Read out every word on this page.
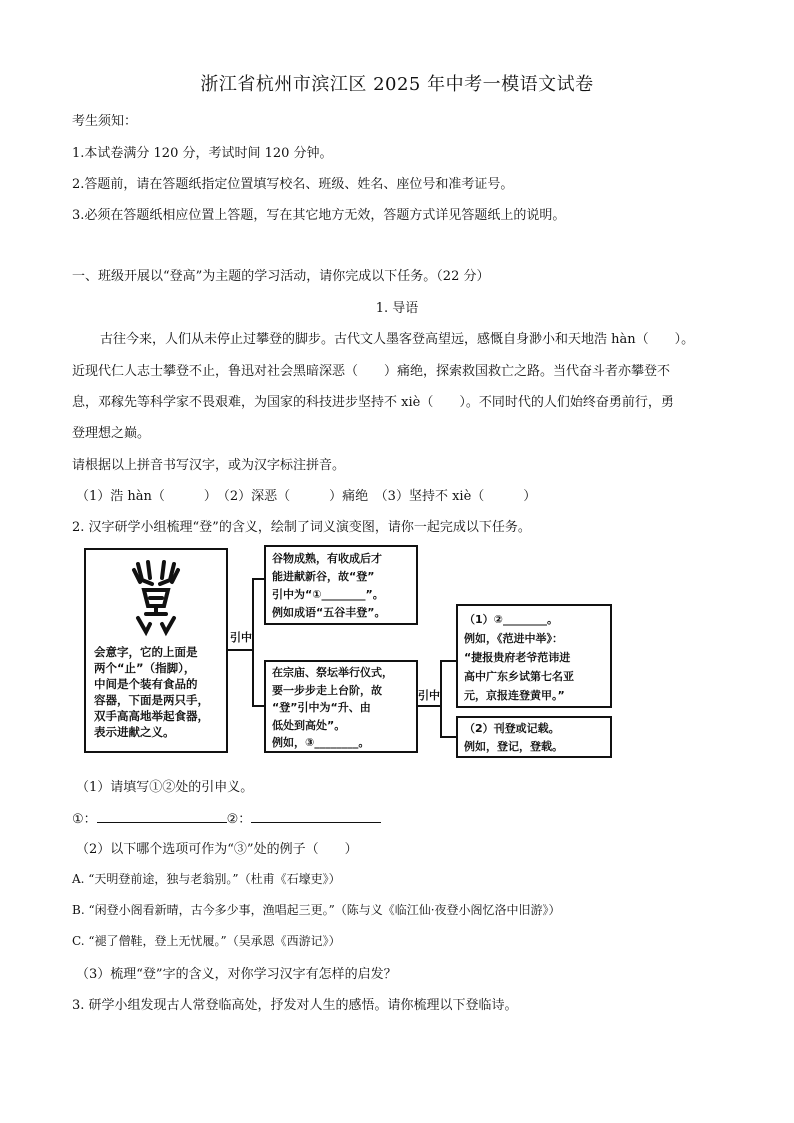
浙江省杭州市滨江区 2025 年中考一模语文试卷
考生须知：
1.本试卷满分 120 分，考试时间 120 分钟。
2.答题前，请在答题纸指定位置填写校名、班级、姓名、座位号和准考证号。
3.必须在答题纸相应位置上答题，写在其它地方无效，答题方式详见答题纸上的说明。
一、班级开展以“登高”为主题的学习活动，请你完成以下任务。（22 分）
1. 导语
古往今来，人们从未停止过攀登的脚步。古代文人墨客登高望远，感慨自身渺小和天地浩 hàn（　　）。
近现代仁人志士攀登不止，鲁迅对社会黑暗深恶（　　）痛绝，探索救国救亡之路。当代奋斗者亦攀登不
息，邓稼先等科学家不畏艰难，为国家的科技进步坚持不 xiè（　　）。不同时代的人们始终奋勇前行，勇
登理想之巅。
请根据以上拼音书写汉字，或为汉字标注拼音。
（1）浩 hàn（　　　）　（2）深恶（　　　）痛绝　（3）坚持不 xiè（　　　）
2. 汉字研学小组梳理“登”的含义，绘制了词义演变图，请你一起完成以下任务。
会意字，它的上面是
两个“止”（指脚），
中间是个装有食品的
容器，下面是两只手，
双手高高地举起食器，
表示进献之义。
引中
谷物成熟，有收成后才
能进献新谷，故“登”
引中为“①________”。
例如成语“五谷丰登”。
在宗庙、祭坛举行仪式，
要一步步走上台阶，故
“登”引中为“升、由
低处到高处”。
例如，③________。
引中
（1）②________。
例如，《范进中举》：
“捷报贵府老爷范讳进
高中广东乡试第七名亚
元，京报连登黄甲。”
（2）刊登或记载。
例如，登记，登载。
（1）请填写①②处的引申义。
①：	②：
（2）以下哪个选项可作为“③”处的例子（　　）
A. “天明登前途，独与老翁别。”（杜甫《石壕吏》）
B. “闲登小阁看新晴，古今多少事，渔唱起三更。”（陈与义《临江仙·夜登小阁忆洛中旧游》）
C. “褪了僧鞋，登上无忧履。”（吴承恩《西游记》）
（3）梳理“登”字的含义，对你学习汉字有怎样的启发？
3. 研学小组发现古人常登临高处，抒发对人生的感悟。请你梳理以下登临诗。
